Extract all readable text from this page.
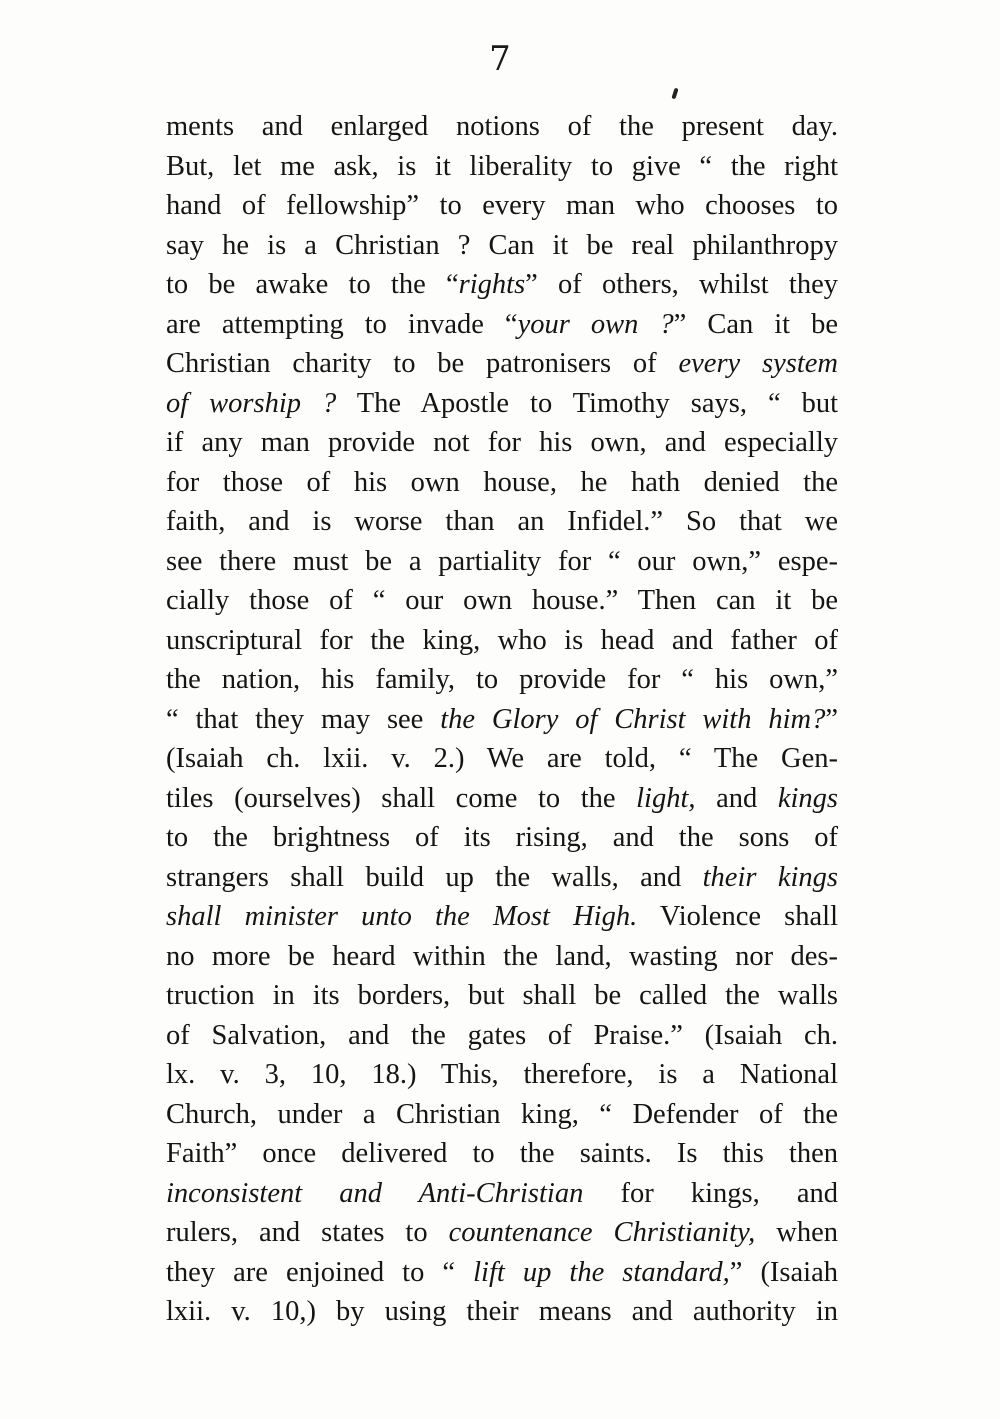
7
ments and enlarged notions of the present day.
But, let me ask, is it liberality to give “ the right
hand of fellowship” to every man who chooses to
say he is a Christian ? Can it be real philanthropy
to be awake to the “rights” of others, whilst they
are attempting to invade “your own ?” Can it be
Christian charity to be patronisers of every system
of worship ? The Apostle to Timothy says, “ but
if any man provide not for his own, and especially
for those of his own house, he hath denied the
faith, and is worse than an Infidel.” So that we
see there must be a partiality for “ our own,” espe-
cially those of “ our own house.” Then can it be
unscriptural for the king, who is head and father of
the nation, his family, to provide for “ his own,”
“ that they may see the Glory of Christ with him?”
(Isaiah ch. lxii. v. 2.) We are told, “ The Gen-
tiles (ourselves) shall come to the light, and kings
to the brightness of its rising, and the sons of
strangers shall build up the walls, and their kings
shall minister unto the Most High. Violence shall
no more be heard within the land, wasting nor des-
truction in its borders, but shall be called the walls
of Salvation, and the gates of Praise.” (Isaiah ch.
lx. v. 3, 10, 18.) This, therefore, is a National
Church, under a Christian king, “ Defender of the
Faith” once delivered to the saints. Is this then
inconsistent and Anti-Christian for kings, and
rulers, and states to countenance Christianity, when
they are enjoined to “ lift up the standard,” (Isaiah
lxii. v. 10,) by using their means and authority in
